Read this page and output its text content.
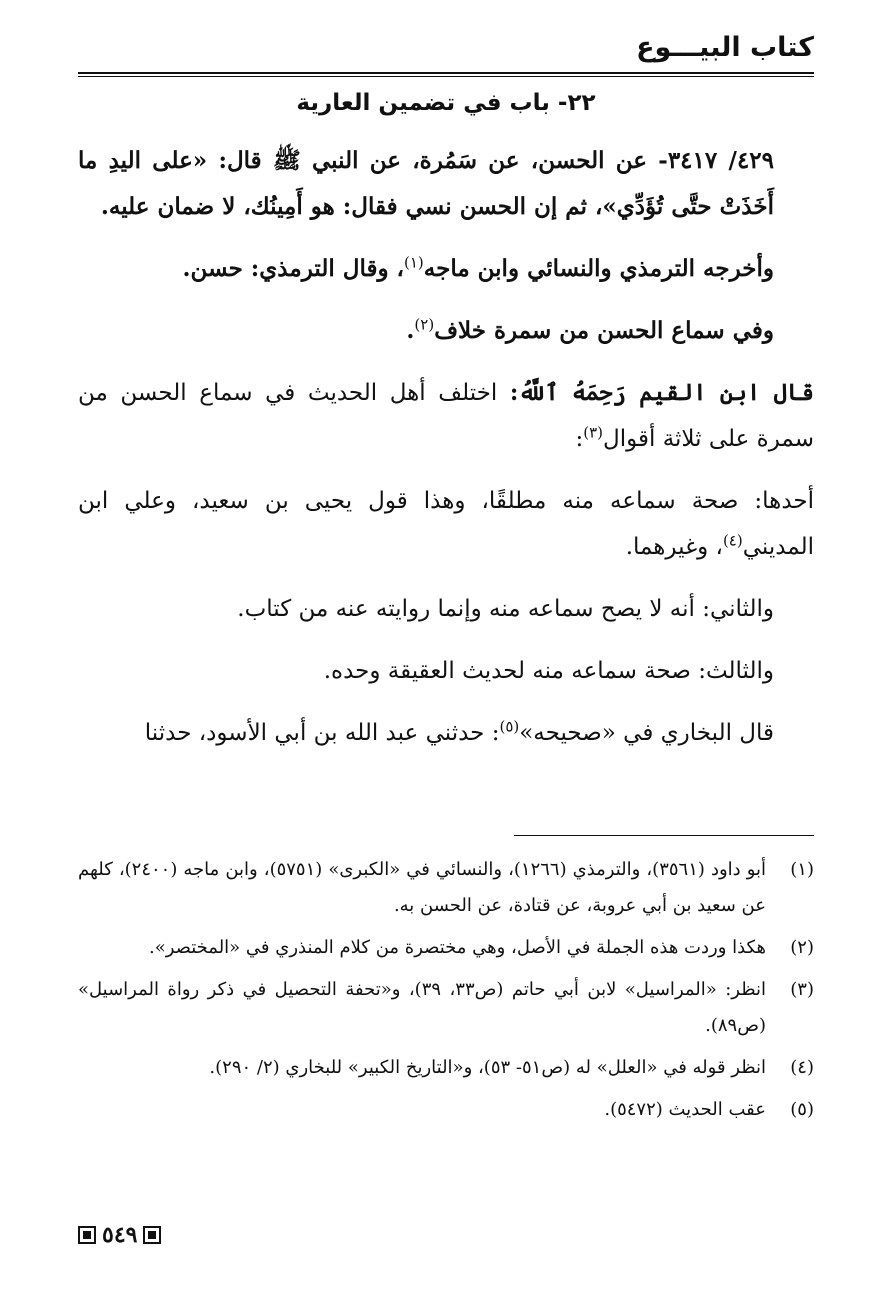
كتاب البيـــوع
٢٢- باب في تضمين العارية

٤٢٩/ ٣٤١٧- عن الحسن، عن سَمُرة، عن النبي ﷺ قال: «على اليدِ ما أَخَذَتْ حتَّى تُؤَدِّي»، ثم إن الحسن نسي فقال: هو أَمِينُك، لا ضمان عليه.

وأخرجه الترمذي والنسائي وابن ماجه$^{(١)}$، وقال الترمذي: حسن.

وفي سماع الحسن من سمرة خلاف$^{(٢)}$.

قال ابن القيم رَحِمَهُ ٱللَّهُ: اختلف أهل الحديث في سماع الحسن من سمرة على ثلاثة أقوال$^{(٣)}$:

أحدها: صحة سماعه منه مطلقًا، وهذا قول يحيى بن سعيد، وعلي ابن المديني$^{(٤)}$، وغيرهما.

والثاني: أنه لا يصح سماعه منه وإنما روايته عنه من كتاب.

والثالث: صحة سماعه منه لحديث العقيقة وحده.

قال البخاري في «صحيحه»$^{(٥)}$: حدثني عبد الله بن أبي الأسود، حدثنا

(١)
أبو داود (٣٥٦١)، والترمذي (١٢٦٦)، والنسائي في «الكبرى» (٥٧٥١)، وابن ماجه (٢٤٠٠)، كلهم عن سعيد بن أبي عروبة، عن قتادة، عن الحسن به.
(٢)
هكذا وردت هذه الجملة في الأصل، وهي مختصرة من كلام المنذري في «المختصر».
(٣)
انظر: «المراسيل» لابن أبي حاتم (ص٣٣، ٣٩)، و«تحفة التحصيل في ذكر رواة المراسيل» (ص٨٩).
(٤)
انظر قوله في «العلل» له (ص٥١- ٥٣)، و«التاريخ الكبير» للبخاري (٢/ ٢٩٠).
(٥)
عقب الحديث (٥٤٧٢).
٥٤٩
